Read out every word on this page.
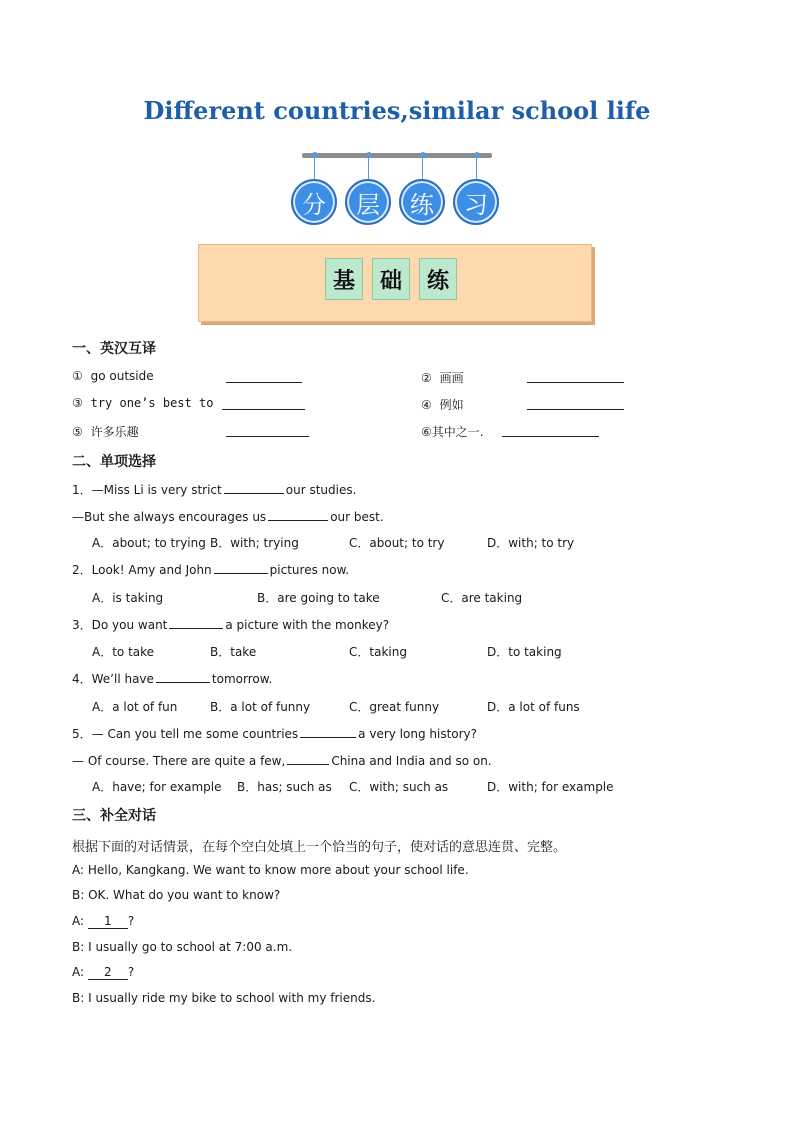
Different countries,similar school life
分	层	练	习
基	础	练
一、英汉互译
① go outside	② 画画
③ try one’s best to	④ 例如
⑤ 许多乐趣	⑥其中之一.
二、单项选择
1．—Miss Li is very strict	our studies.
—But she always encourages us	our best.
A．about; to trying B．with; trying	C．about; to try	D．with; to try
2．Look! Amy and John	pictures now.
A．is taking	B．are going to take	C．are taking
3．Do you want	a picture with the monkey?
A．to take	B．take	C．taking	D．to taking
4．We’ll have	tomorrow.
A．a lot of fun	B．a lot of funny	C．great funny	D．a lot of funs
5．— Can you tell me some countries	a very long history?
— Of course. There are quite a few,	China and India and so on.
A．have; for example B．has; such as C．with; such as	D．with; for example
三、补全对话
根据下面的对话情景，在每个空白处填上一个恰当的句子，使对话的意思连贯、完整。
A: Hello, Kangkang. We want to know more about your school life.
B: OK. What do you want to know?
A: 1 ?
B: I usually go to school at 7:00 a.m.
A: 2 ?
B: I usually ride my bike to school with my friends.
